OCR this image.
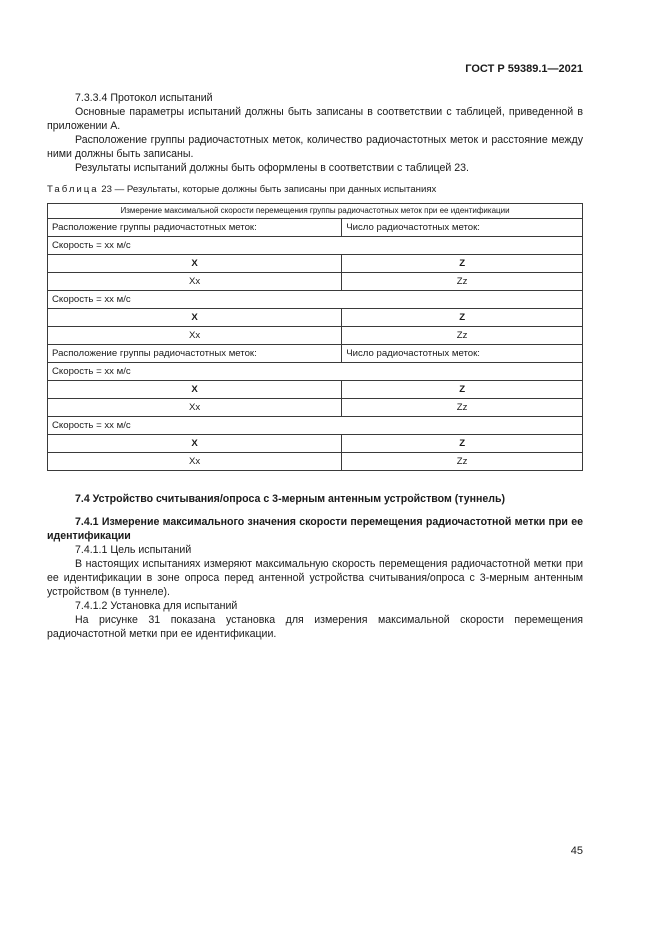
ГОСТ Р 59389.1—2021

7.3.3.4 Протокол испытаний

Основные параметры испытаний должны быть записаны в соответствии с таблицей, приведенной в приложении А.

Расположение группы радиочастотных меток, количество радиочастотных меток и расстояние между ними должны быть записаны.

Результаты испытаний должны быть оформлены в соответствии с таблицей 23.

Таблица 23 — Результаты, которые должны быть записаны при данных испытаниях

Измерение максимальной скорости перемещения группы радиочастотных меток при ее идентификации	
Расположение группы радиочастотных меток:	Число радиочастотных меток:
Скорость = xx м/с	
X	Z
Xx	Zz
Скорость = xx м/с	
X	Z
Xx	Zz
Расположение группы радиочастотных меток:	Число радиочастотных меток:
Скорость = xx м/с	
X	Z
Xx	Zz
Скорость = xx м/с	
X	Z
Xx	Zz

7.4 Устройство считывания/опроса с 3-мерным антенным устройством (туннель)

7.4.1 Измерение максимального значения скорости перемещения радиочастотной метки при ее идентификации

7.4.1.1 Цель испытаний

В настоящих испытаниях измеряют максимальную скорость перемещения радиочастотной метки при ее идентификации в зоне опроса перед антенной устройства считывания/опроса с 3-мерным антенным устройством (в туннеле).

7.4.1.2 Установка для испытаний

На рисунке 31 показана установка для измерения максимальной скорости перемещения радиочастотной метки при ее идентификации.

45
